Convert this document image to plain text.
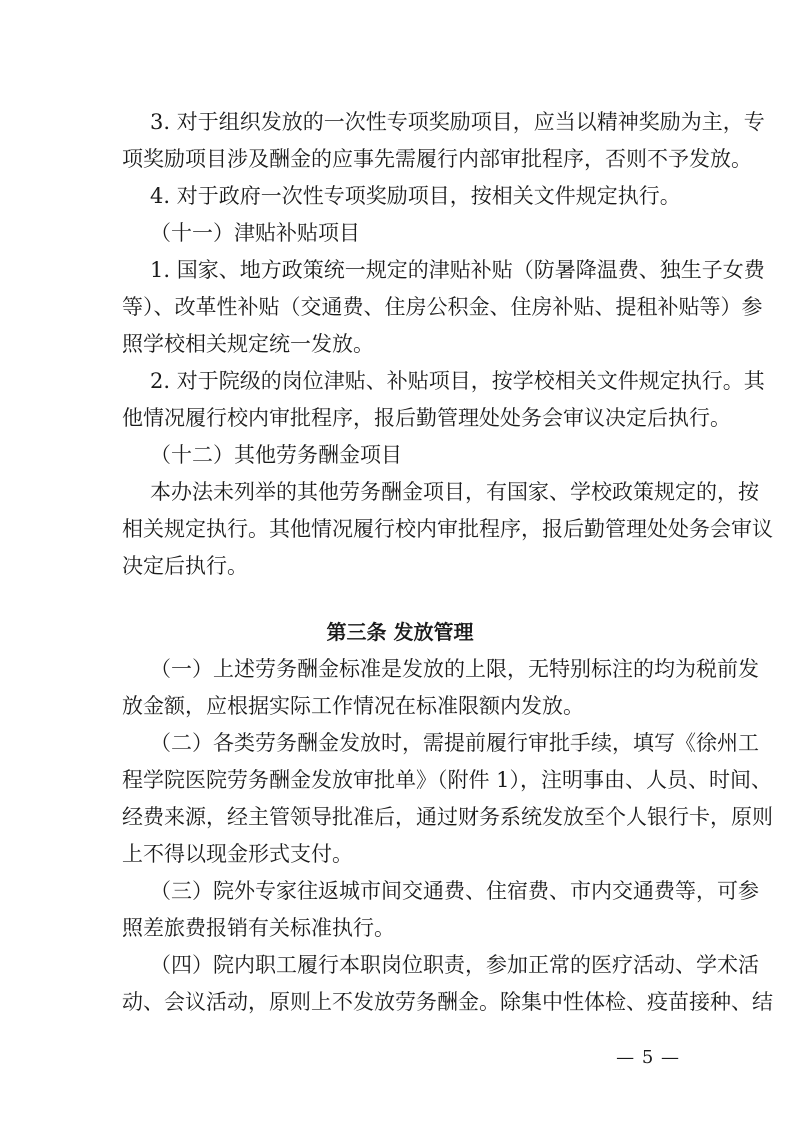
3. 对于组织发放的一次性专项奖励项目，应当以精神奖励为主，专
项奖励项目涉及酬金的应事先需履行内部审批程序，否则不予发放。
4. 对于政府一次性专项奖励项目，按相关文件规定执行。
（十一）津贴补贴项目
1. 国家、地方政策统一规定的津贴补贴（防暑降温费、独生子女费
等）、改革性补贴（交通费、住房公积金、住房补贴、提租补贴等）参
照学校相关规定统一发放。
2. 对于院级的岗位津贴、补贴项目，按学校相关文件规定执行。其
他情况履行校内审批程序，报后勤管理处处务会审议决定后执行。
（十二）其他劳务酬金项目
本办法未列举的其他劳务酬金项目，有国家、学校政策规定的，按
相关规定执行。其他情况履行校内审批程序，报后勤管理处处务会审议
决定后执行。
第三条 发放管理
（一）上述劳务酬金标准是发放的上限，无特别标注的均为税前发
放金额，应根据实际工作情况在标准限额内发放。
（二）各类劳务酬金发放时，需提前履行审批手续，填写《徐州工
程学院医院劳务酬金发放审批单》（附件 1），注明事由、人员、时间、
经费来源，经主管领导批准后，通过财务系统发放至个人银行卡，原则
上不得以现金形式支付。
（三）院外专家往返城市间交通费、住宿费、市内交通费等，可参
照差旅费报销有关标准执行。
（四）院内职工履行本职岗位职责，参加正常的医疗活动、学术活
动、会议活动，原则上不发放劳务酬金。除集中性体检、疫苗接种、结
— 5 —
